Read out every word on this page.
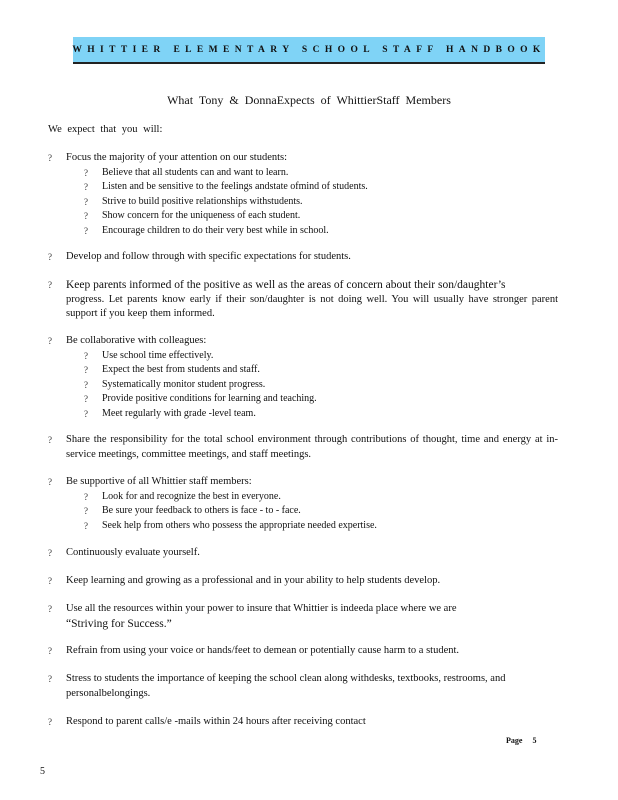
WHITTIER ELEMENTARY SCHOOL STAFF HANDBOOK
What Tony & DonnaExpects of WhittierStaff Members
We expect that you will:
? Focus the majority of your attention on our students:
? Believe that all students can and want to learn.
? Listen and be sensitive to the feelings andstate ofmind of students.
? Strive to build positive relationships withstudents.
? Show concern for the uniqueness of each student.
? Encourage children to do their very best while in school.
? Develop and follow through with specific expectations for students.
? Keep parents informed of the positive as well as the areas of concern about their son/daughter’s
progress. Let parents know early if their son/daughter is not doing well. You will usually have stronger parent support if you keep them informed.
? Be collaborative with colleagues:
? Use school time effectively.
? Expect the best from students and staff.
? Systematically monitor student progress.
? Provide positive conditions for learning and teaching.
? Meet regularly with grade -level team.
? Share the responsibility for the total school environment through contributions of thought, time and energy at in-service meetings, committee meetings, and staff meetings.
? Be supportive of all Whittier staff members:
? Look for and recognize the best in everyone.
? Be sure your feedback to others is face - to - face.
? Seek help from others who possess the appropriate needed expertise.
? Continuously evaluate yourself.
? Keep learning and growing as a professional and in your ability to help students develop.
? Use all the resources within your power to insure that Whittier is indeeda place where we are
“Striving for Success.”
? Refrain from using your voice or hands/feet to demean or potentially cause harm to a student.
? Stress to students the importance of keeping the school clean along withdesks, textbooks, restrooms, and personalbelongings.
? Respond to parent calls/e -mails within 24 hours after receiving contact
Page 5
5
